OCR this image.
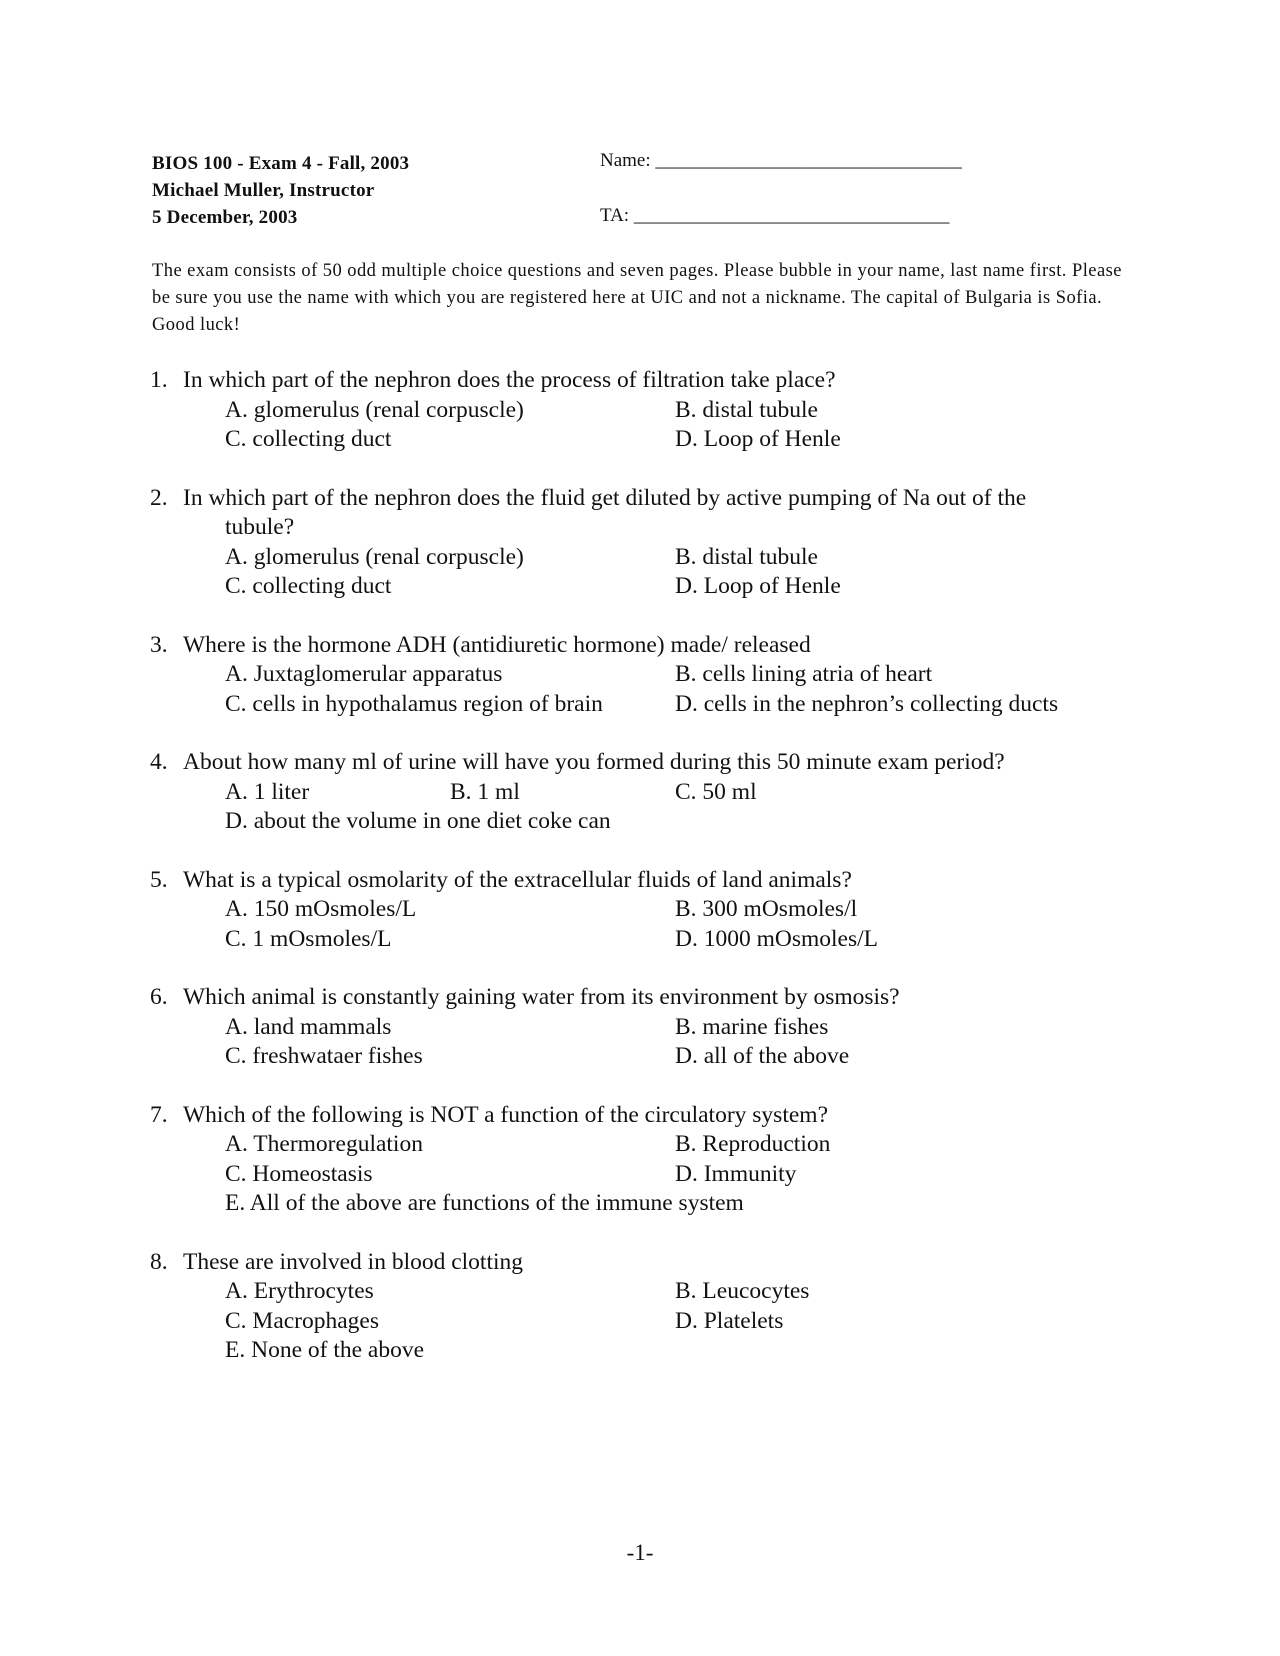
BIOS 100 - Exam 4 - Fall, 2003
Michael Muller, Instructor
5 December, 2003
Name: __________________________________
TA: ___________________________________
The exam consists of 50 odd multiple choice questions and seven pages. Please bubble in your name, last name first. Please be sure you use the name with which you are registered here at UIC and not a nickname. The capital of Bulgaria is Sofia. Good luck!
1. In which part of the nephron does the process of filtration take place?
A. glomerulus (renal corpuscle)	B. distal tubule
C. collecting duct	D. Loop of Henle
2. In which part of the nephron does the fluid get diluted by active pumping of Na out of the
tubule?
A. glomerulus (renal corpuscle)	B. distal tubule
C. collecting duct	D. Loop of Henle
3. Where is the hormone ADH (antidiuretic hormone) made/ released
A. Juxtaglomerular apparatus	B. cells lining atria of heart
C. cells in hypothalamus region of brain	D. cells in the nephron’s collecting ducts
4. About how many ml of urine will have you formed during this 50 minute exam period?
A. 1 liter	B. 1 ml	C. 50 ml
D. about the volume in one diet coke can
5. What is a typical osmolarity of the extracellular fluids of land animals?
A. 150 mOsmoles/L	B. 300 mOsmoles/l
C. 1 mOsmoles/L	D. 1000 mOsmoles/L
6. Which animal is constantly gaining water from its environment by osmosis?
A. land mammals	B. marine fishes
C. freshwataer fishes	D. all of the above
7. Which of the following is NOT a function of the circulatory system?
A. Thermoregulation	B. Reproduction
C. Homeostasis	D. Immunity
E. All of the above are functions of the immune system
8. These are involved in blood clotting
A. Erythrocytes	B. Leucocytes
C. Macrophages	D. Platelets
E. None of the above
-1-
